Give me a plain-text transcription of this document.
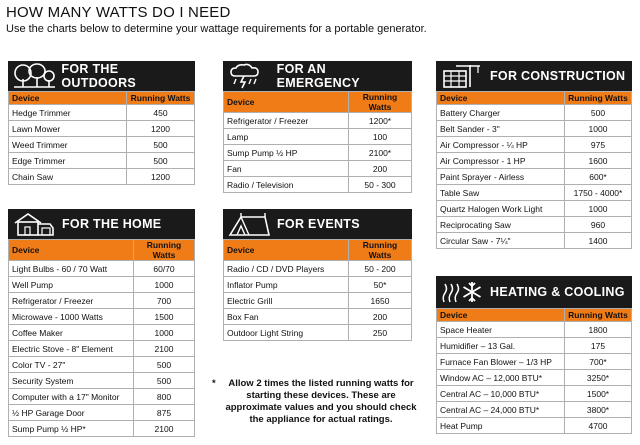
HOW MANY WATTS DO I NEED
Use the charts below to determine your wattage requirements for a portable generator.
FOR THE OUTDOORS
Device	Running Watts
Hedge Trimmer	450
Lawn Mower	1200
Weed Trimmer	500
Edge Trimmer	500
Chain Saw	1200
FOR AN EMERGENCY
Device	Running Watts
Refrigerator / Freezer	1200*
Lamp	100
Sump Pump ½ HP	2100*
Fan	200
Radio / Television	50 - 300
FOR CONSTRUCTION
Device	Running Watts
Battery Charger	500
Belt Sander - 3"	1000
Air Compressor - ¼ HP	975
Air Compressor - 1 HP	1600
Paint Sprayer - Airless	600*
Table Saw	1750 - 4000*
Quartz Halogen Work Light	1000
Reciprocating Saw	960
Circular Saw - 7¼"	1400
FOR THE HOME
Device	Running Watts
Light Bulbs - 60 / 70 Watt	60/70
Well Pump	1000
Refrigerator / Freezer	700
Microwave - 1000 Watts	1500
Coffee Maker	1000
Electric Stove - 8" Element	2100
Color TV - 27"	500
Security System	500
Computer with a 17" Monitor	800
½ HP Garage Door	875
Sump Pump ½ HP*	2100
FOR EVENTS
Device	Running Watts
Radio / CD / DVD Players	50 - 200
Inflator Pump	50*
Electric Grill	1650
Box Fan	200
Outdoor Light String	250
HEATING & COOLING
Device	Running Watts
Space Heater	1800
Humidifier – 13 Gal.	175
Furnace Fan Blower – 1/3 HP	700*
Window AC – 12,000 BTU*	3250*
Central AC – 10,000 BTU*	1500*
Central AC – 24,000 BTU*	3800*
Heat Pump	4700
*	Allow 2 times the listed running watts for starting these devices. These are approximate values and you should check the appliance for actual ratings.
